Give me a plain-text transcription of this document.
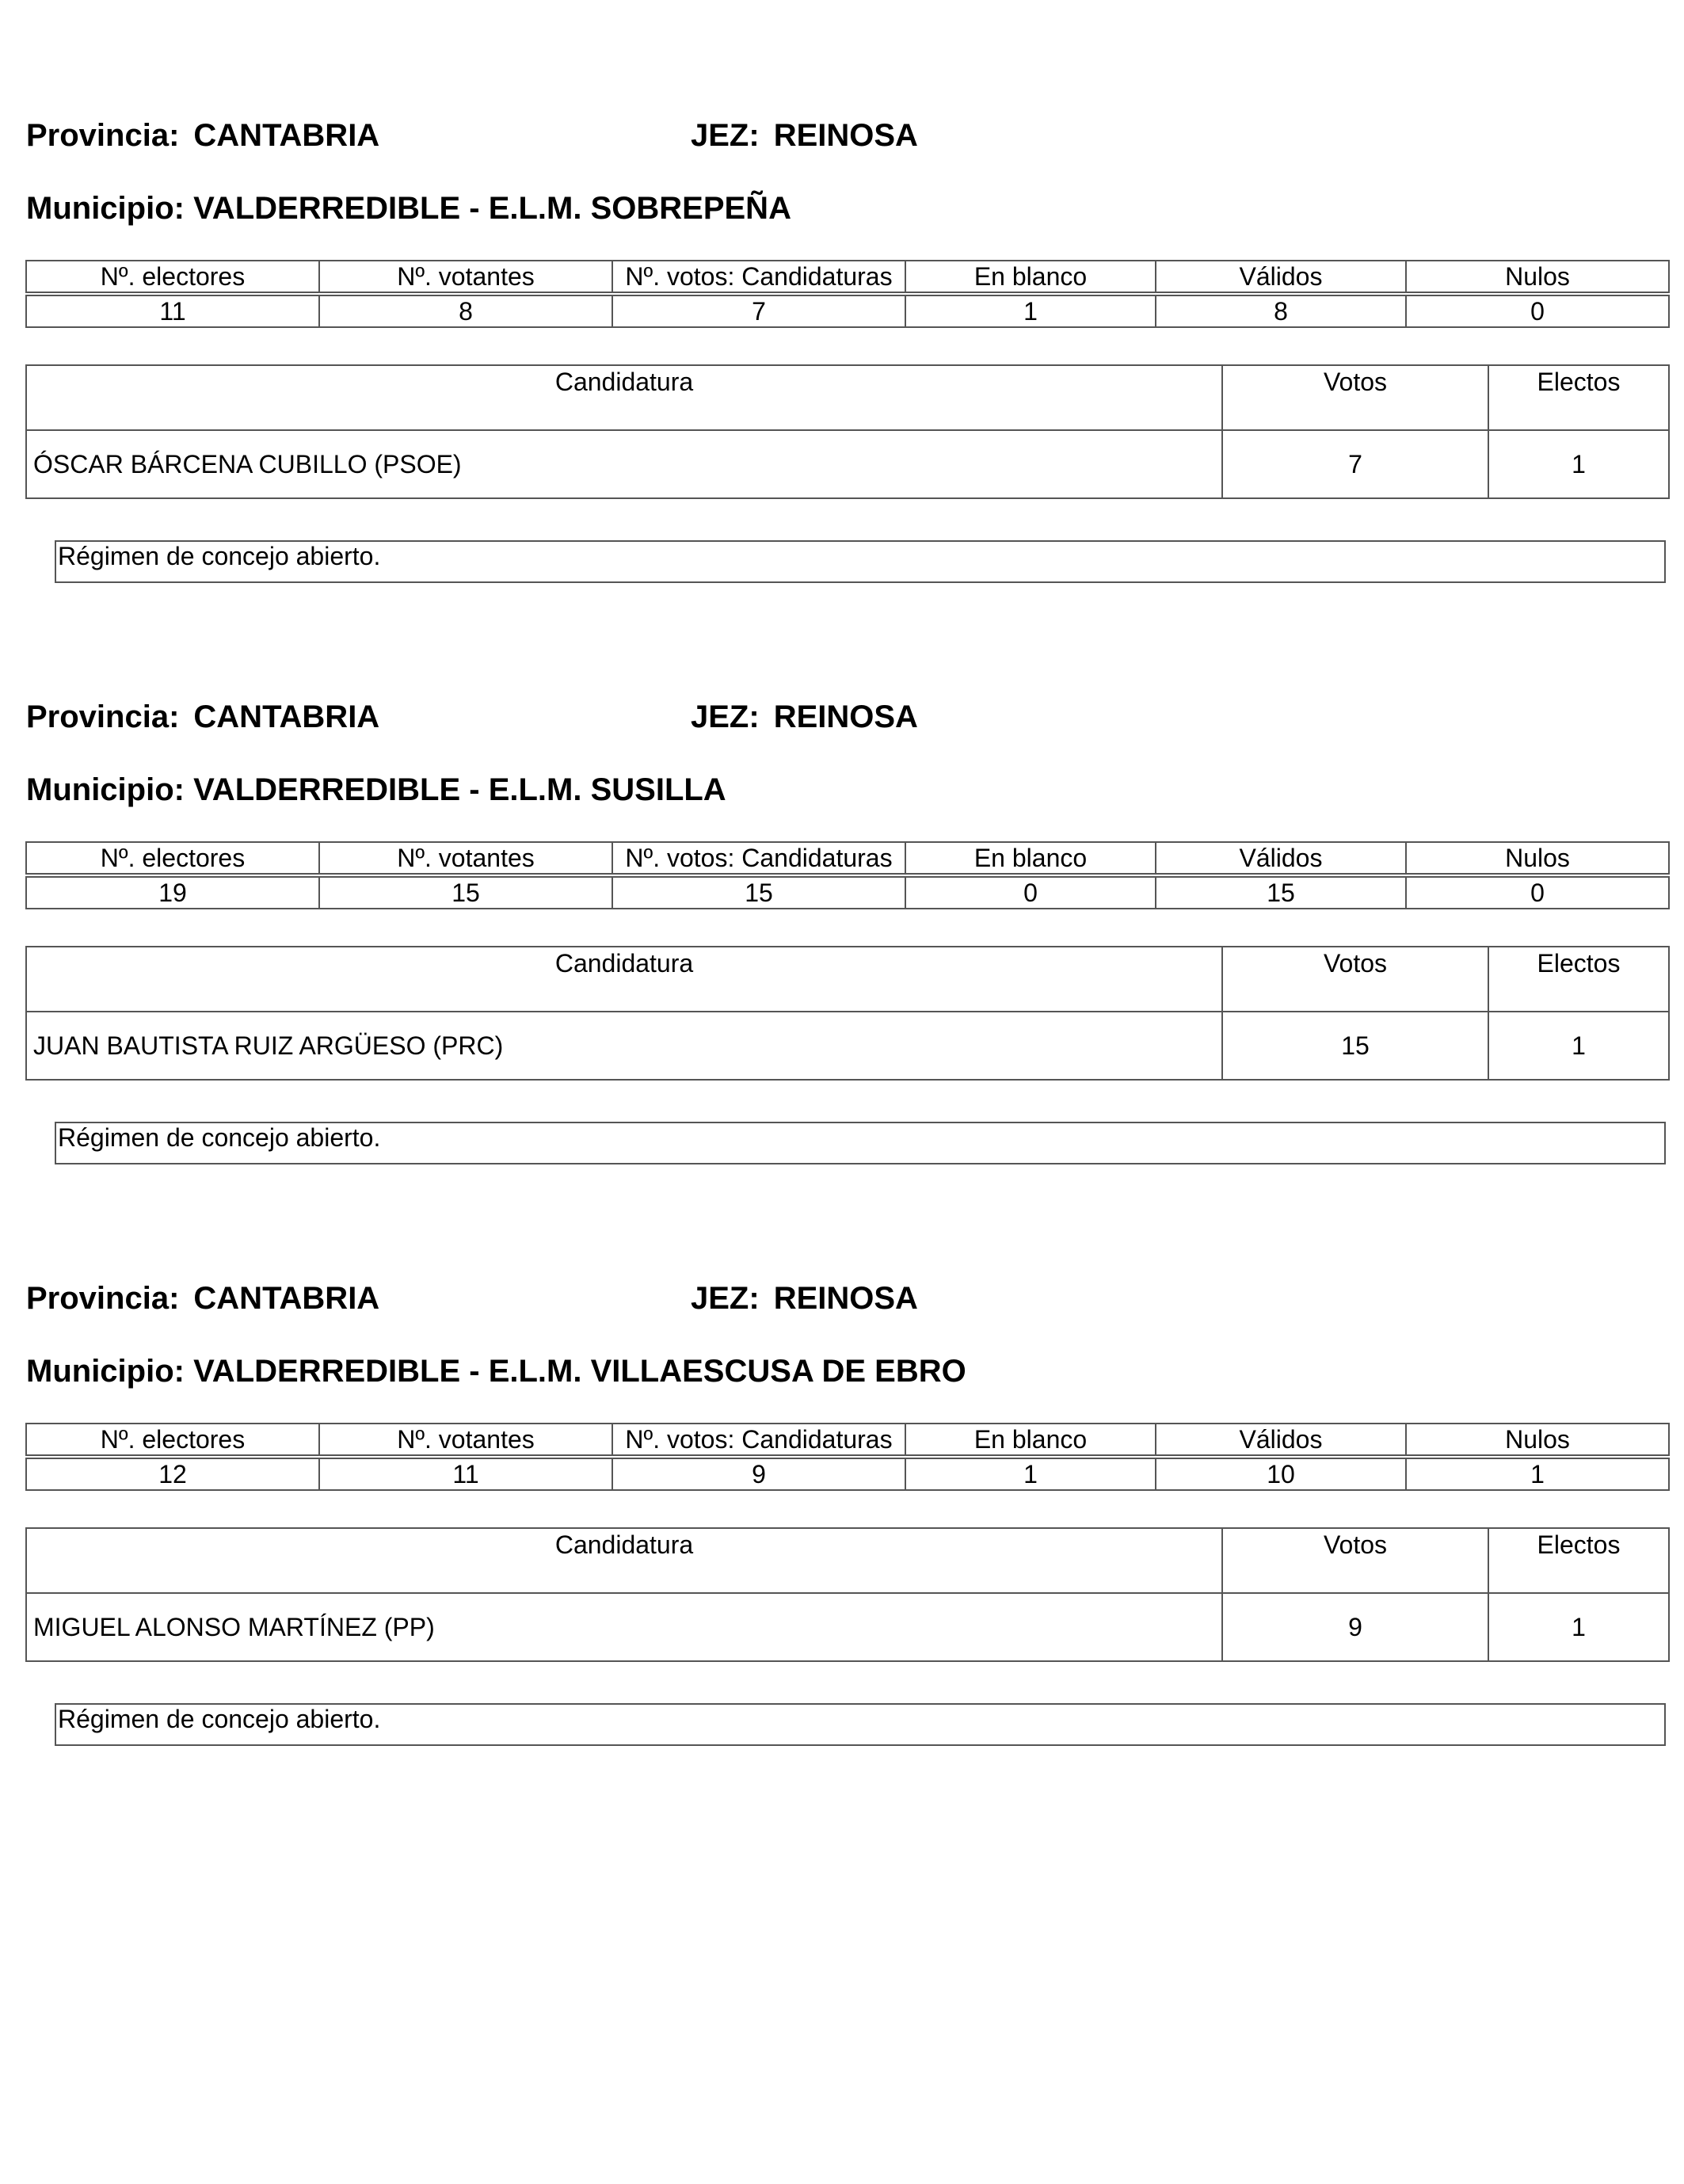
Provincia: CANTABRIA	JEZ: REINOSA
Municipio: VALDERREDIBLE - E.L.M. SOBREPEÑA
Nº. electores	Nº. votantes	Nº. votos: Candidaturas	En blanco	Válidos	Nulos

11	8	7	1	8	0
Candidatura	Votos	Electos
ÓSCAR BÁRCENA CUBILLO (PSOE)	7	1
Régimen de concejo abierto.
Provincia: CANTABRIA	JEZ: REINOSA
Municipio: VALDERREDIBLE - E.L.M. SUSILLA
Nº. electores	Nº. votantes	Nº. votos: Candidaturas	En blanco	Válidos	Nulos

19	15	15	0	15	0
Candidatura	Votos	Electos
JUAN BAUTISTA RUIZ ARGÜESO (PRC)	15	1
Régimen de concejo abierto.
Provincia: CANTABRIA	JEZ: REINOSA
Municipio: VALDERREDIBLE - E.L.M. VILLAESCUSA DE EBRO
Nº. electores	Nº. votantes	Nº. votos: Candidaturas	En blanco	Válidos	Nulos

12	11	9	1	10	1
Candidatura	Votos	Electos
MIGUEL ALONSO MARTÍNEZ (PP)	9	1
Régimen de concejo abierto.
